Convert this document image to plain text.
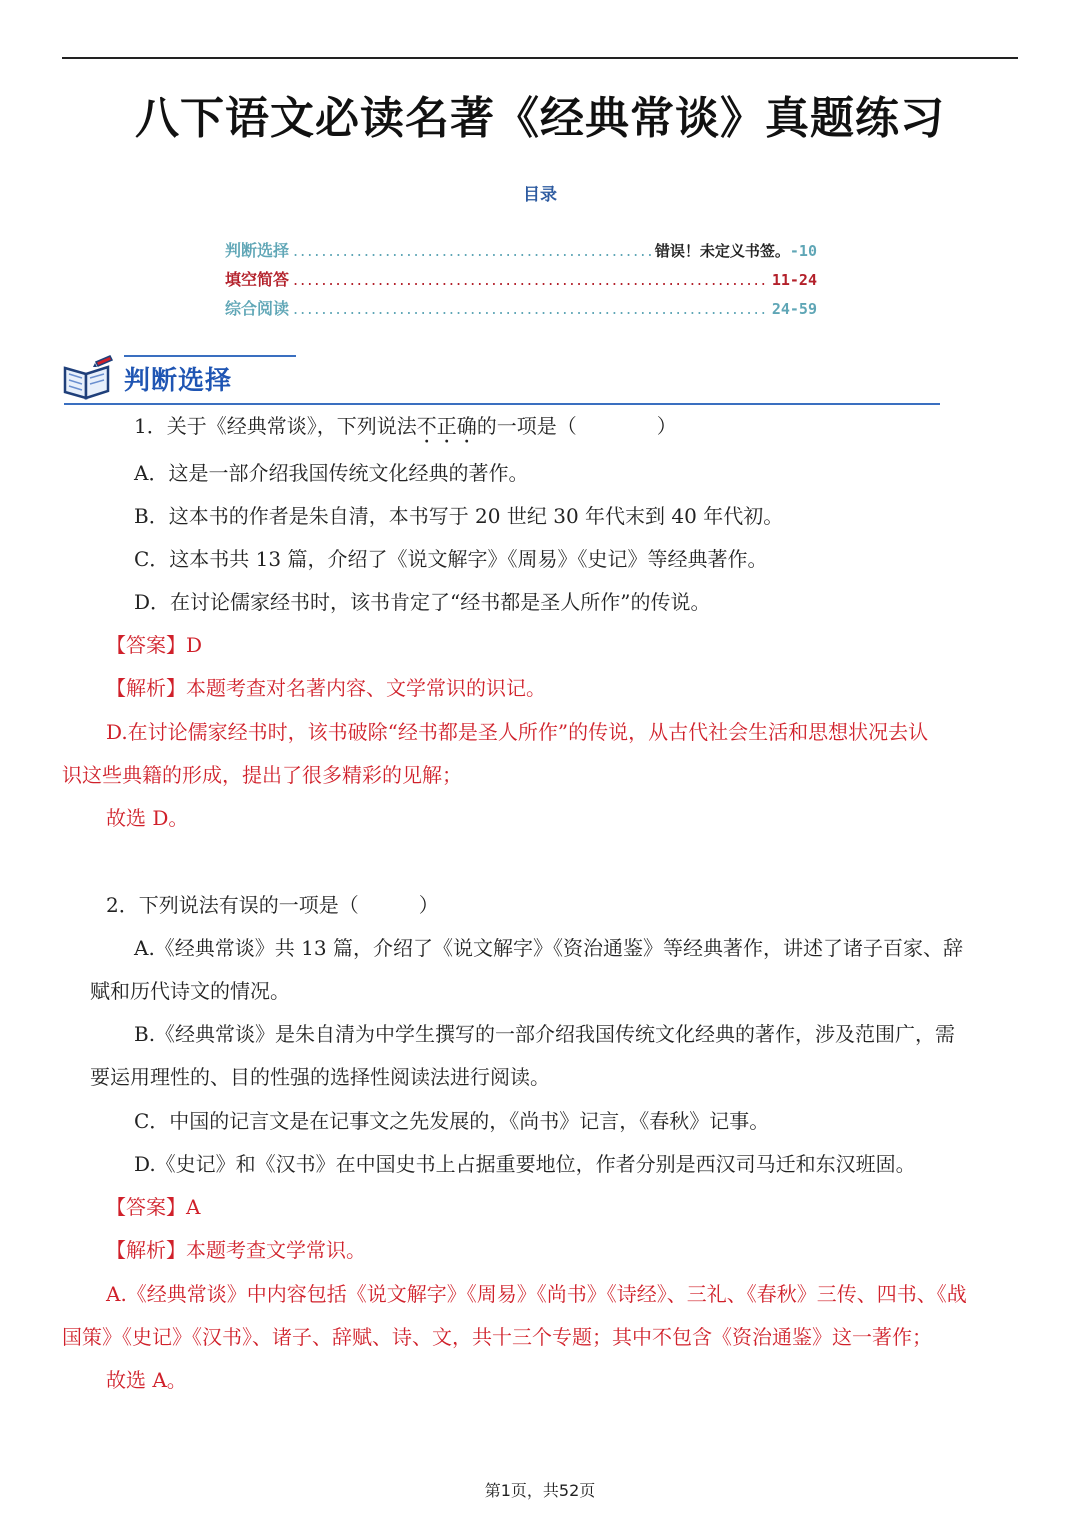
八下语文必读名著《经典常谈》真题练习
目录
判断选择 .....	错误！未定义书签。 -10
填空简答 .....	11-24
综合阅读 .....	24-59
判断选择
1．关于《经典常谈》，下列说法不正确的一项是（　　　　）
A．这是一部介绍我国传统文化经典的著作。
B．这本书的作者是朱自清，本书写于 20 世纪 30 年代末到 40 年代初。
C．这本书共 13 篇，介绍了《说文解字》《周易》《史记》等经典著作。
D．在讨论儒家经书时，该书肯定了“经书都是圣人所作”的传说。
【答案】D
【解析】本题考查对名著内容、文学常识的识记。
D.在讨论儒家经书时，该书破除“经书都是圣人所作”的传说，从古代社会生活和思想状况去认
识这些典籍的形成，提出了很多精彩的见解；
故选 D。
2．下列说法有误的一项是（　　　）
A.《经典常谈》共 13 篇，介绍了《说文解字》《资治通鉴》等经典著作，讲述了诸子百家、辞
赋和历代诗文的情况。
B.《经典常谈》是朱自清为中学生撰写的一部介绍我国传统文化经典的著作，涉及范围广，需
要运用理性的、目的性强的选择性阅读法进行阅读。
C．中国的记言文是在记事文之先发展的，《尚书》记言，《春秋》记事。
D.《史记》和《汉书》在中国史书上占据重要地位，作者分别是西汉司马迁和东汉班固。
【答案】A
【解析】本题考查文学常识。
A.《经典常谈》中内容包括《说文解字》《周易》《尚书》《诗经》、三礼、《春秋》三传、四书、《战
国策》《史记》《汉书》、诸子、辞赋、诗、文，共十三个专题；其中不包含《资治通鉴》这一著作；
故选 A。
第1页，共52页
